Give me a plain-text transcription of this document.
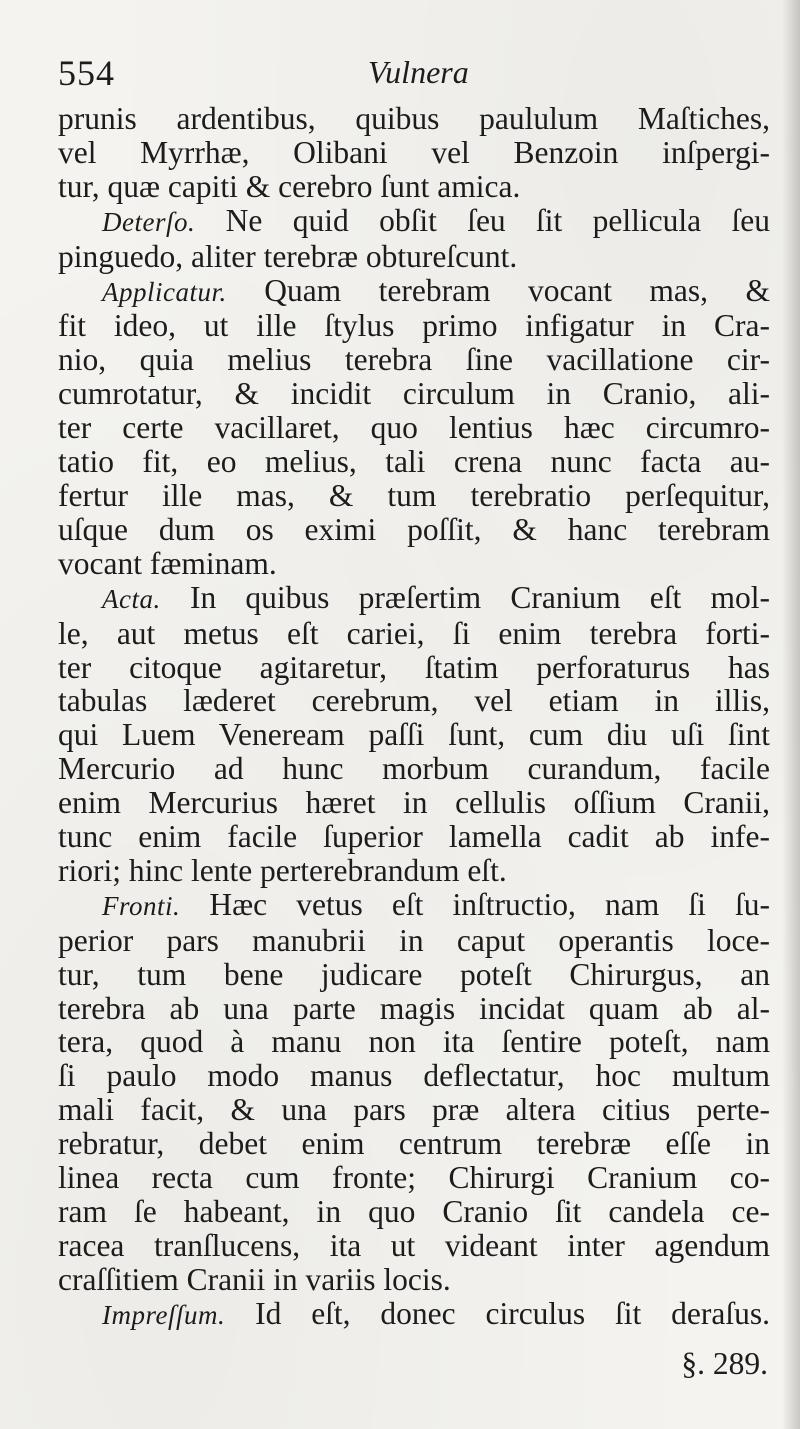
554	Vulnera
prunis ardentibus, quibus paululum Maſtiches,
vel Myrrhæ, Olibani vel Benzoin inſpergi-
tur, quæ capiti & cerebro ſunt amica.
Deterſo. Ne quid obſit ſeu ſit pellicula ſeu
pinguedo, aliter terebræ obtureſcunt.
Applicatur. Quam terebram vocant mas, &
fit ideo, ut ille ſtylus primo infigatur in Cra-
nio, quia melius terebra ſine vacillatione cir-
cumrotatur, & incidit circulum in Cranio, ali-
ter certe vacillaret, quo lentius hæc circumro-
tatio fit, eo melius, tali crena nunc facta au-
fertur ille mas, & tum terebratio perſequitur,
uſque dum os eximi poſſit, & hanc terebram
vocant fæminam.
Acta. In quibus præſertim Cranium eſt mol-
le, aut metus eſt cariei, ſi enim terebra forti-
ter citoque agitaretur, ſtatim perforaturus has
tabulas læderet cerebrum, vel etiam in illis,
qui Luem Veneream paſſi ſunt, cum diu uſi ſint
Mercurio ad hunc morbum curandum, facile
enim Mercurius hæret in cellulis oſſium Cranii,
tunc enim facile ſuperior lamella cadit ab infe-
riori; hinc lente perterebrandum eſt.
Fronti. Hæc vetus eſt inſtructio, nam ſi ſu-
perior pars manubrii in caput operantis loce-
tur, tum bene judicare poteſt Chirurgus, an
terebra ab una parte magis incidat quam ab al-
tera, quod à manu non ita ſentire poteſt, nam
ſi paulo modo manus deflectatur, hoc multum
mali facit, & una pars præ altera citius perte-
rebratur, debet enim centrum terebræ eſſe in
linea recta cum fronte; Chirurgi Cranium co-
ram ſe habeant, in quo Cranio ſit candela ce-
racea tranſlucens, ita ut videant inter agendum
craſſitiem Cranii in variis locis.
Impreſſum. Id eſt, donec circulus ſit deraſus.
§. 289.
